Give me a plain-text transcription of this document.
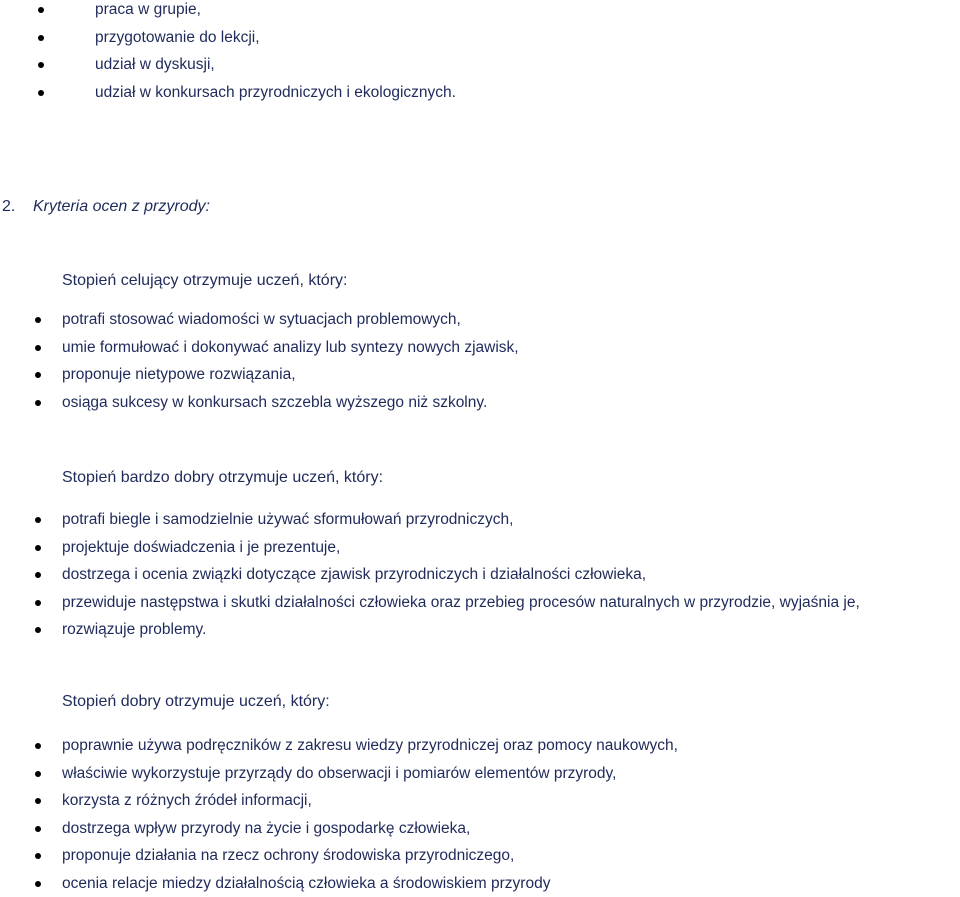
praca w grupie,
przygotowanie do lekcji,
udział w dyskusji,
udział w konkursach przyrodniczych i ekologicznych.
2. Kryteria ocen z przyrody:
Stopień celujący otrzymuje uczeń, który:
potrafi stosować wiadomości w sytuacjach problemowych,
umie formułować i dokonywać analizy lub syntezy nowych zjawisk,
proponuje nietypowe rozwiązania,
osiąga sukcesy w konkursach szczebla wyższego niż szkolny.
Stopień bardzo dobry otrzymuje uczeń, który:
potrafi biegle i samodzielnie używać sformułowań przyrodniczych,
projektuje doświadczenia i je prezentuje,
dostrzega i ocenia związki dotyczące zjawisk przyrodniczych i działalności człowieka,
przewiduje następstwa i skutki działalności człowieka oraz przebieg procesów naturalnych w przyrodzie, wyjaśnia je,
rozwiązuje problemy.
Stopień dobry otrzymuje uczeń, który:
poprawnie używa podręczników z zakresu wiedzy przyrodniczej oraz pomocy naukowych,
właściwie wykorzystuje przyrządy do obserwacji i pomiarów elementów przyrody,
korzysta z różnych źródeł informacji,
dostrzega wpływ przyrody na życie i gospodarkę człowieka,
proponuje działania na rzecz ochrony środowiska przyrodniczego,
ocenia relacje miedzy działalnością człowieka a środowiskiem przyrody
